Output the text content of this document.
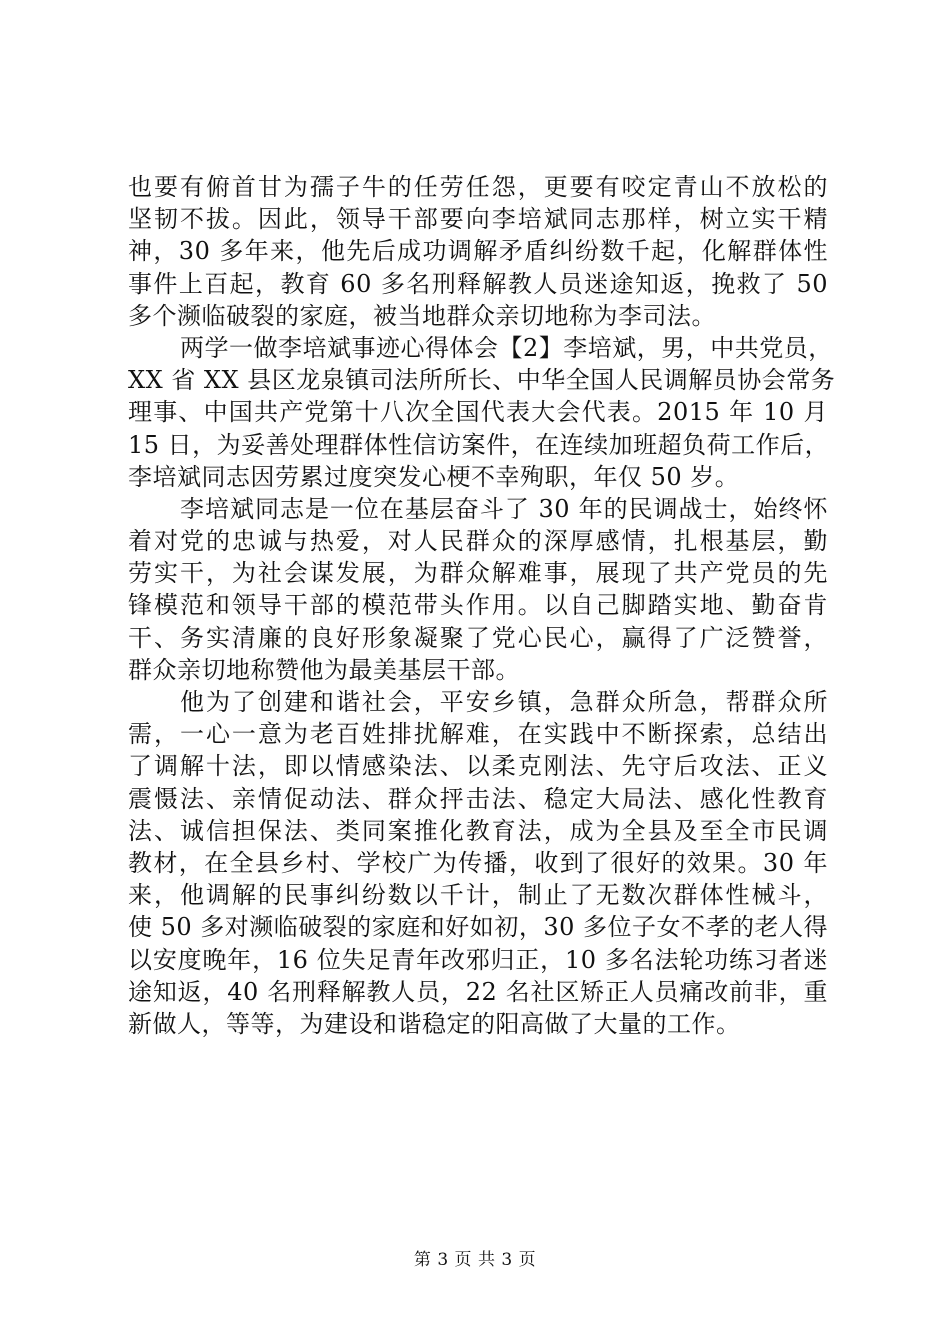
也要有俯首甘为孺子牛的任劳任怨，更要有咬定青山不放松的
坚韧不拔。因此，领导干部要向李培斌同志那样，树立实干精
神，30 多年来，他先后成功调解矛盾纠纷数千起，化解群体性
事件上百起，教育 60 多名刑释解教人员迷途知返，挽救了 50
多个濒临破裂的家庭，被当地群众亲切地称为李司法。
两学一做李培斌事迹心得体会【2】李培斌，男，中共党员，
XX 省 XX 县区龙泉镇司法所所长、中华全国人民调解员协会常务
理事、中国共产党第十八次全国代表大会代表。2015 年 10 月
15 日，为妥善处理群体性信访案件，在连续加班超负荷工作后，
李培斌同志因劳累过度突发心梗不幸殉职，年仅 50 岁。
李培斌同志是一位在基层奋斗了 30 年的民调战士，始终怀
着对党的忠诚与热爱，对人民群众的深厚感情，扎根基层，勤
劳实干，为社会谋发展，为群众解难事，展现了共产党员的先
锋模范和领导干部的模范带头作用。以自己脚踏实地、勤奋肯
干、务实清廉的良好形象凝聚了党心民心，赢得了广泛赞誉，
群众亲切地称赞他为最美基层干部。
他为了创建和谐社会，平安乡镇，急群众所急，帮群众所
需，一心一意为老百姓排扰解难，在实践中不断探索，总结出
了调解十法，即以情感染法、以柔克刚法、先守后攻法、正义
震慑法、亲情促动法、群众抨击法、稳定大局法、感化性教育
法、诚信担保法、类同案推化教育法，成为全县及至全市民调
教材，在全县乡村、学校广为传播，收到了很好的效果。30 年
来，他调解的民事纠纷数以千计，制止了无数次群体性械斗，
使 50 多对濒临破裂的家庭和好如初，30 多位子女不孝的老人得
以安度晚年，16 位失足青年改邪归正，10 多名法轮功练习者迷
途知返，40 名刑释解教人员，22 名社区矫正人员痛改前非，重
新做人，等等，为建设和谐稳定的阳高做了大量的工作。
第 3 页 共 3 页
